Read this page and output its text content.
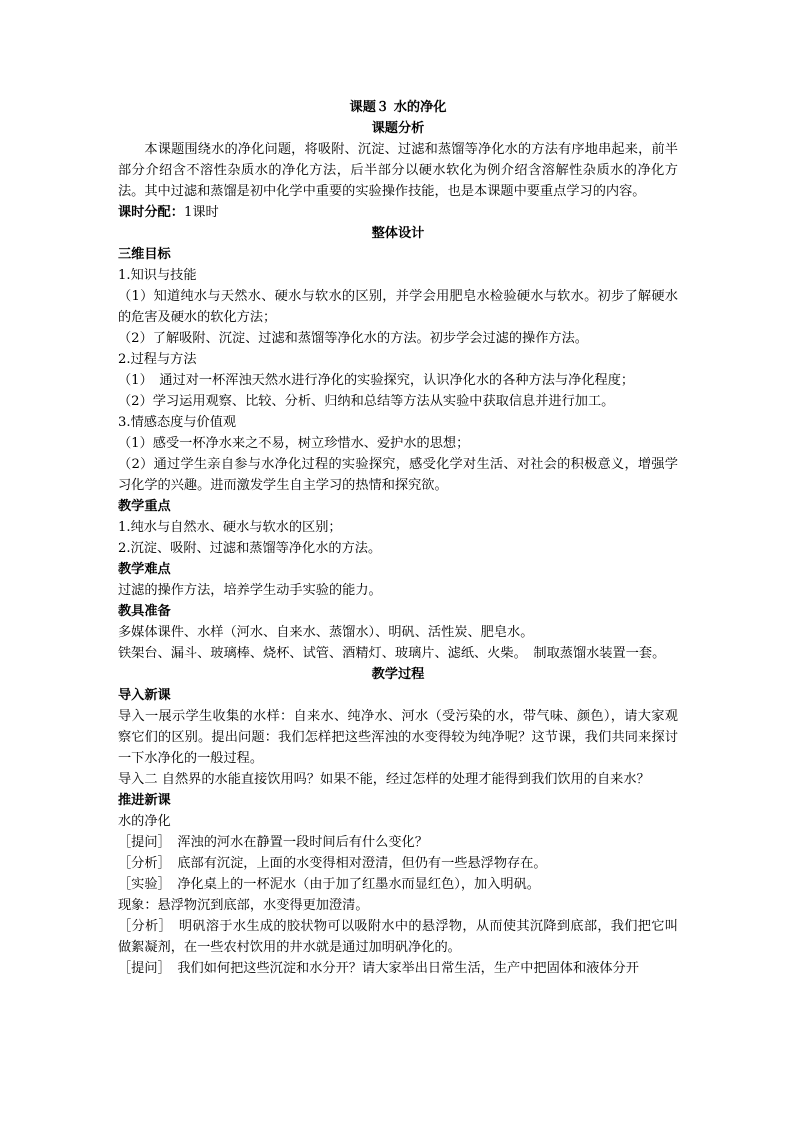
课题３ 水的净化
课题分析

本课题围绕水的净化问题，将吸附、沉淀、过滤和蒸馏等净化水的方法有序地串起来，前半部分介绍含不溶性杂质水的净化方法，后半部分以硬水软化为例介绍含溶解性杂质水的净化方法。其中过滤和蒸馏是初中化学中重要的实验操作技能，也是本课题中要重点学习的内容。

课时分配：1课时
整体设计
三维目标
1.知识与技能

（1）知道纯水与天然水、硬水与软水的区别，并学会用肥皂水检验硬水与软水。初步了解硬水的危害及硬水的软化方法；

（2）了解吸附、沉淀、过滤和蒸馏等净化水的方法。初步学会过滤的操作方法。

2.过程与方法

（1）　通过对一杯浑浊天然水进行净化的实验探究，认识净化水的各种方法与净化程度；

（2）学习运用观察、比较、分析、归纳和总结等方法从实验中获取信息并进行加工。

3.情感态度与价值观

（1）感受一杯净水来之不易，树立珍惜水、爱护水的思想；

（2）通过学生亲自参与水净化过程的实验探究，感受化学对生活、对社会的积极意义，增强学习化学的兴趣。进而激发学生自主学习的热情和探究欲。

教学重点
1.纯水与自然水、硬水与软水的区别；
2.沉淀、吸附、过滤和蒸馏等净化水的方法。
教学难点
过滤的操作方法，培养学生动手实验的能力。
教具准备

多媒体课件、水样（河水、自来水、蒸馏水）、明矾、活性炭、肥皂水。

铁架台、漏斗、玻璃棒、烧杯、试管、酒精灯、玻璃片、滤纸、火柴。　制取蒸馏水装置一套。

教学过程
导入新课

导入一展示学生收集的水样：自来水、纯净水、河水（受污染的水，带气味、颜色），请大家观察它们的区别。提出问题：我们怎样把这些浑浊的水变得较为纯净呢？这节课，我们共同来探讨一下水净化的一般过程。

导入二 自然界的水能直接饮用吗？如果不能，经过怎样的处理才能得到我们饮用的自来水？

推进新课
水的净化

［提问］　浑浊的河水在静置一段时间后有什么变化？

［分析］　底部有沉淀，上面的水变得相对澄清，但仍有一些悬浮物存在。

［实验］　净化桌上的一杯泥水（由于加了红墨水而显红色），加入明矾。

现象：悬浮物沉到底部，水变得更加澄清。

［分析］　明矾溶于水生成的胶状物可以吸附水中的悬浮物，从而使其沉降到底部，我们把它叫做絮凝剂，在一些农村饮用的井水就是通过加明矾净化的。

［提问］　我们如何把这些沉淀和水分开？请大家举出日常生活，生产中把固体和液体分开
